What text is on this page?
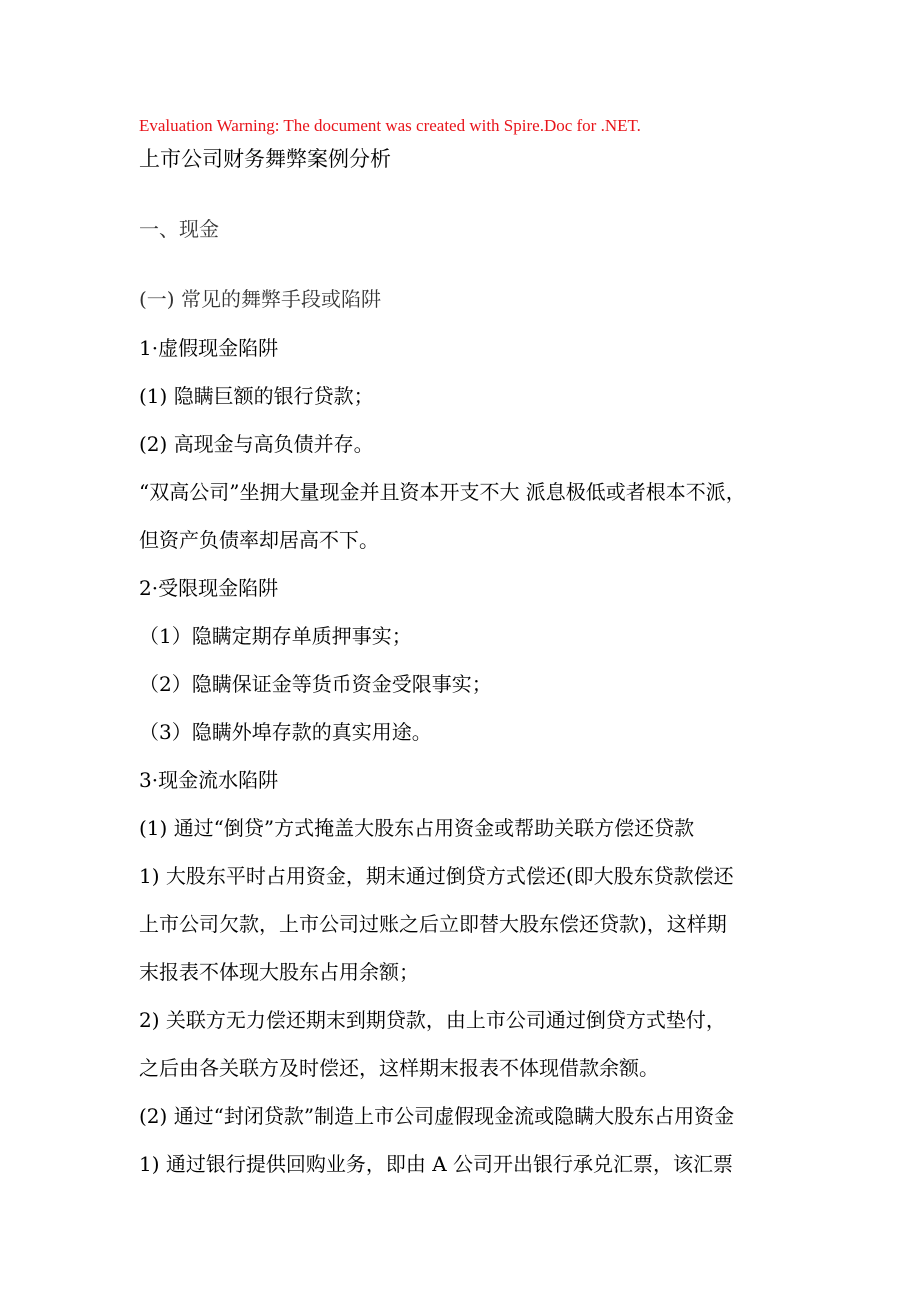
Evaluation Warning: The document was created with Spire.Doc for .NET.
上市公司财务舞弊案例分析
一、现金
(一) 常见的舞弊手段或陷阱
1·虚假现金陷阱
(1) 隐瞒巨额的银行贷款；
(2) 高现金与高负债并存。
“双高公司”坐拥大量现金并且资本开支不大 派息极低或者根本不派，
但资产负债率却居高不下。
2·受限现金陷阱
（1）隐瞒定期存单质押事实；
（2）隐瞒保证金等货币资金受限事实；
（3）隐瞒外埠存款的真实用途。
3·现金流水陷阱
(1) 通过“倒贷”方式掩盖大股东占用资金或帮助关联方偿还贷款
1) 大股东平时占用资金，期末通过倒贷方式偿还(即大股东贷款偿还
上市公司欠款，上市公司过账之后立即替大股东偿还贷款)，这样期
末报表不体现大股东占用余额；
2) 关联方无力偿还期末到期贷款，由上市公司通过倒贷方式垫付，
之后由各关联方及时偿还，这样期末报表不体现借款余额。
(2) 通过“封闭贷款”制造上市公司虚假现金流或隐瞒大股东占用资金
1) 通过银行提供回购业务，即由 A 公司开出银行承兑汇票，该汇票
